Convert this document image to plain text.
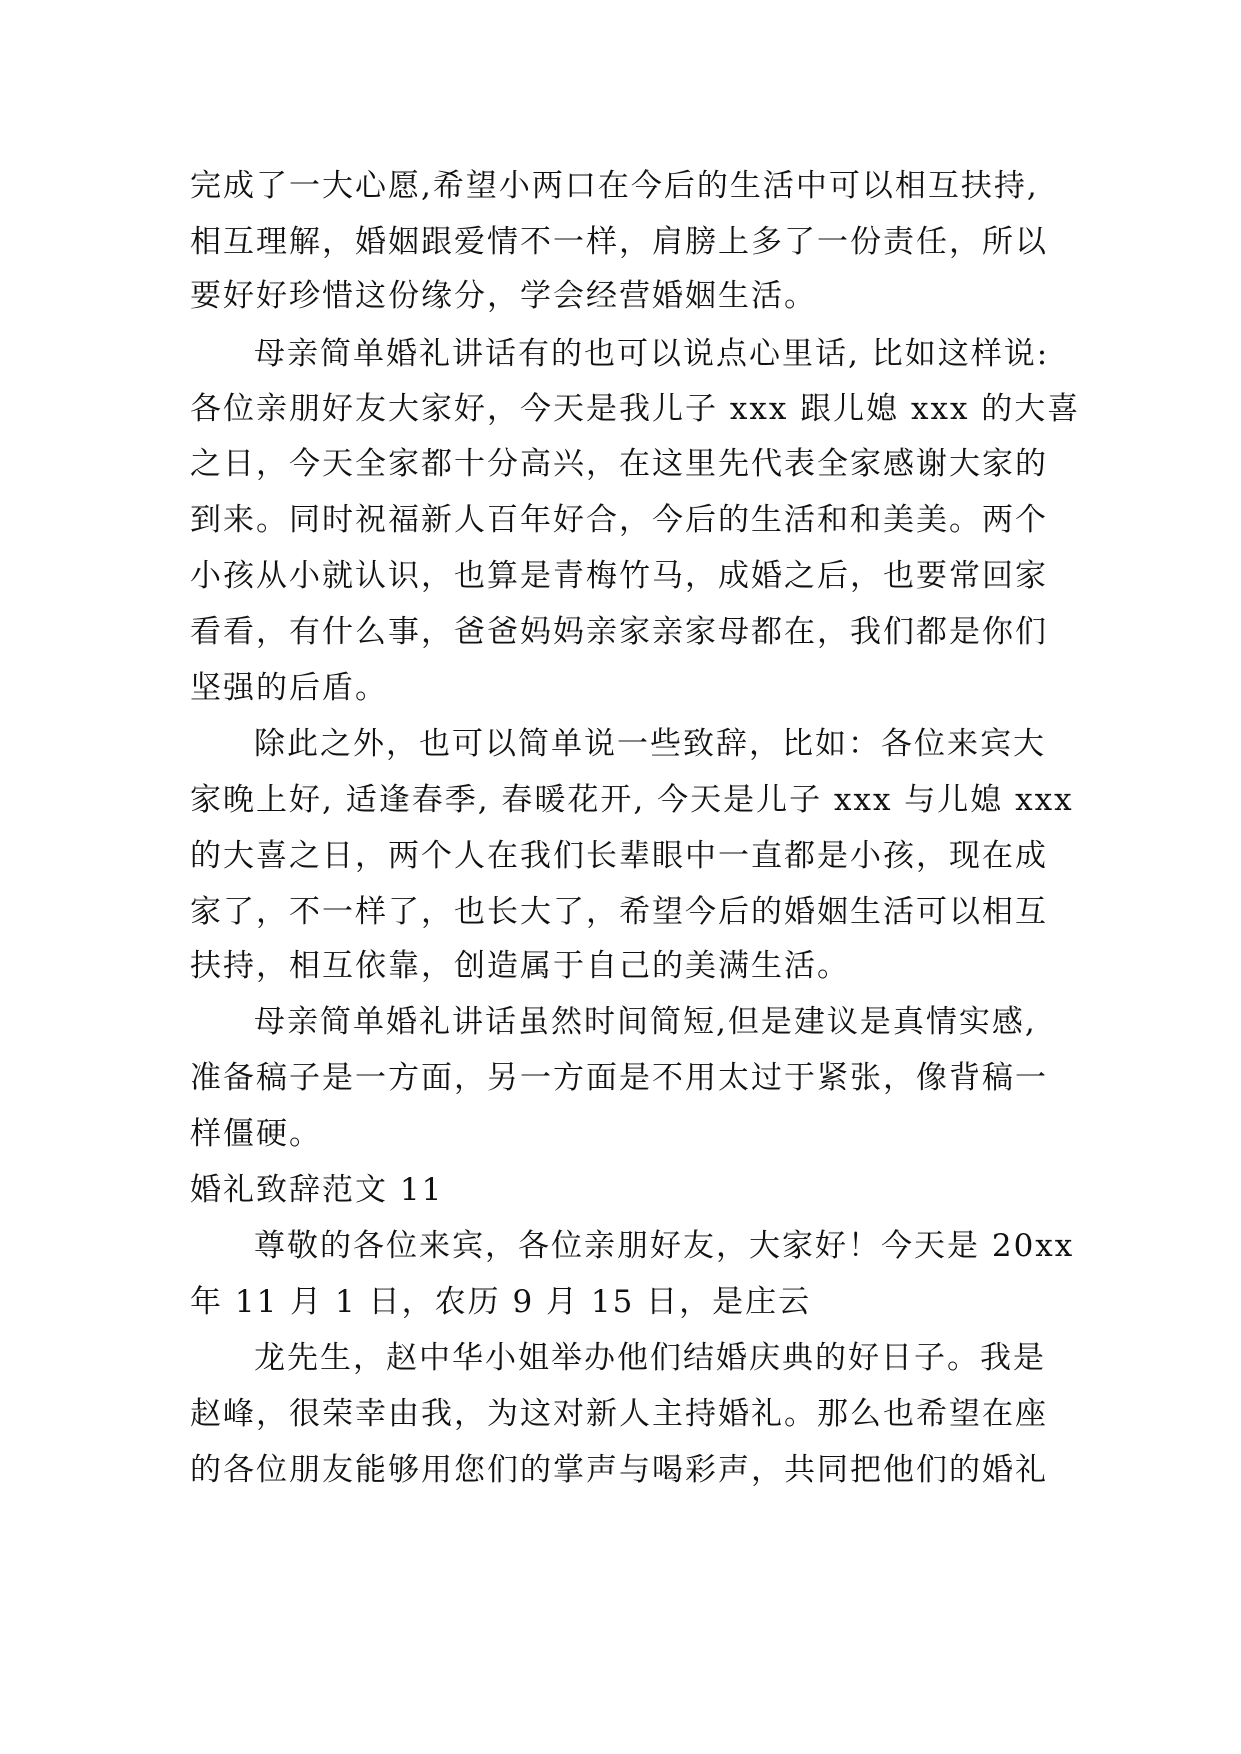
完成了一大心愿,希望小两口在今后的生活中可以相互扶持,
相互理解，婚姻跟爱情不一样，肩膀上多了一份责任，所以
要好好珍惜这份缘分，学会经营婚姻生活。
母亲简单婚礼讲话有的也可以说点心里话, 比如这样说:
各位亲朋好友大家好，今天是我儿子 xxx 跟儿媳 xxx 的大喜
之日，今天全家都十分高兴，在这里先代表全家感谢大家的
到来。同时祝福新人百年好合，今后的生活和和美美。两个
小孩从小就认识，也算是青梅竹马，成婚之后，也要常回家
看看，有什么事，爸爸妈妈亲家亲家母都在，我们都是你们
坚强的后盾。
除此之外，也可以简单说一些致辞，比如：各位来宾大
家晚上好, 适逢春季, 春暖花开, 今天是儿子 xxx 与儿媳 xxx
的大喜之日，两个人在我们长辈眼中一直都是小孩，现在成
家了，不一样了，也长大了，希望今后的婚姻生活可以相互
扶持，相互依靠，创造属于自己的美满生活。
母亲简单婚礼讲话虽然时间简短,但是建议是真情实感,
准备稿子是一方面，另一方面是不用太过于紧张，像背稿一
样僵硬。
婚礼致辞范文 11
尊敬的各位来宾，各位亲朋好友，大家好！今天是 20xx
年 11 月 1 日，农历 9 月 15 日，是庄云
龙先生，赵中华小姐举办他们结婚庆典的好日子。我是
赵峰，很荣幸由我，为这对新人主持婚礼。那么也希望在座
的各位朋友能够用您们的掌声与喝彩声，共同把他们的婚礼
